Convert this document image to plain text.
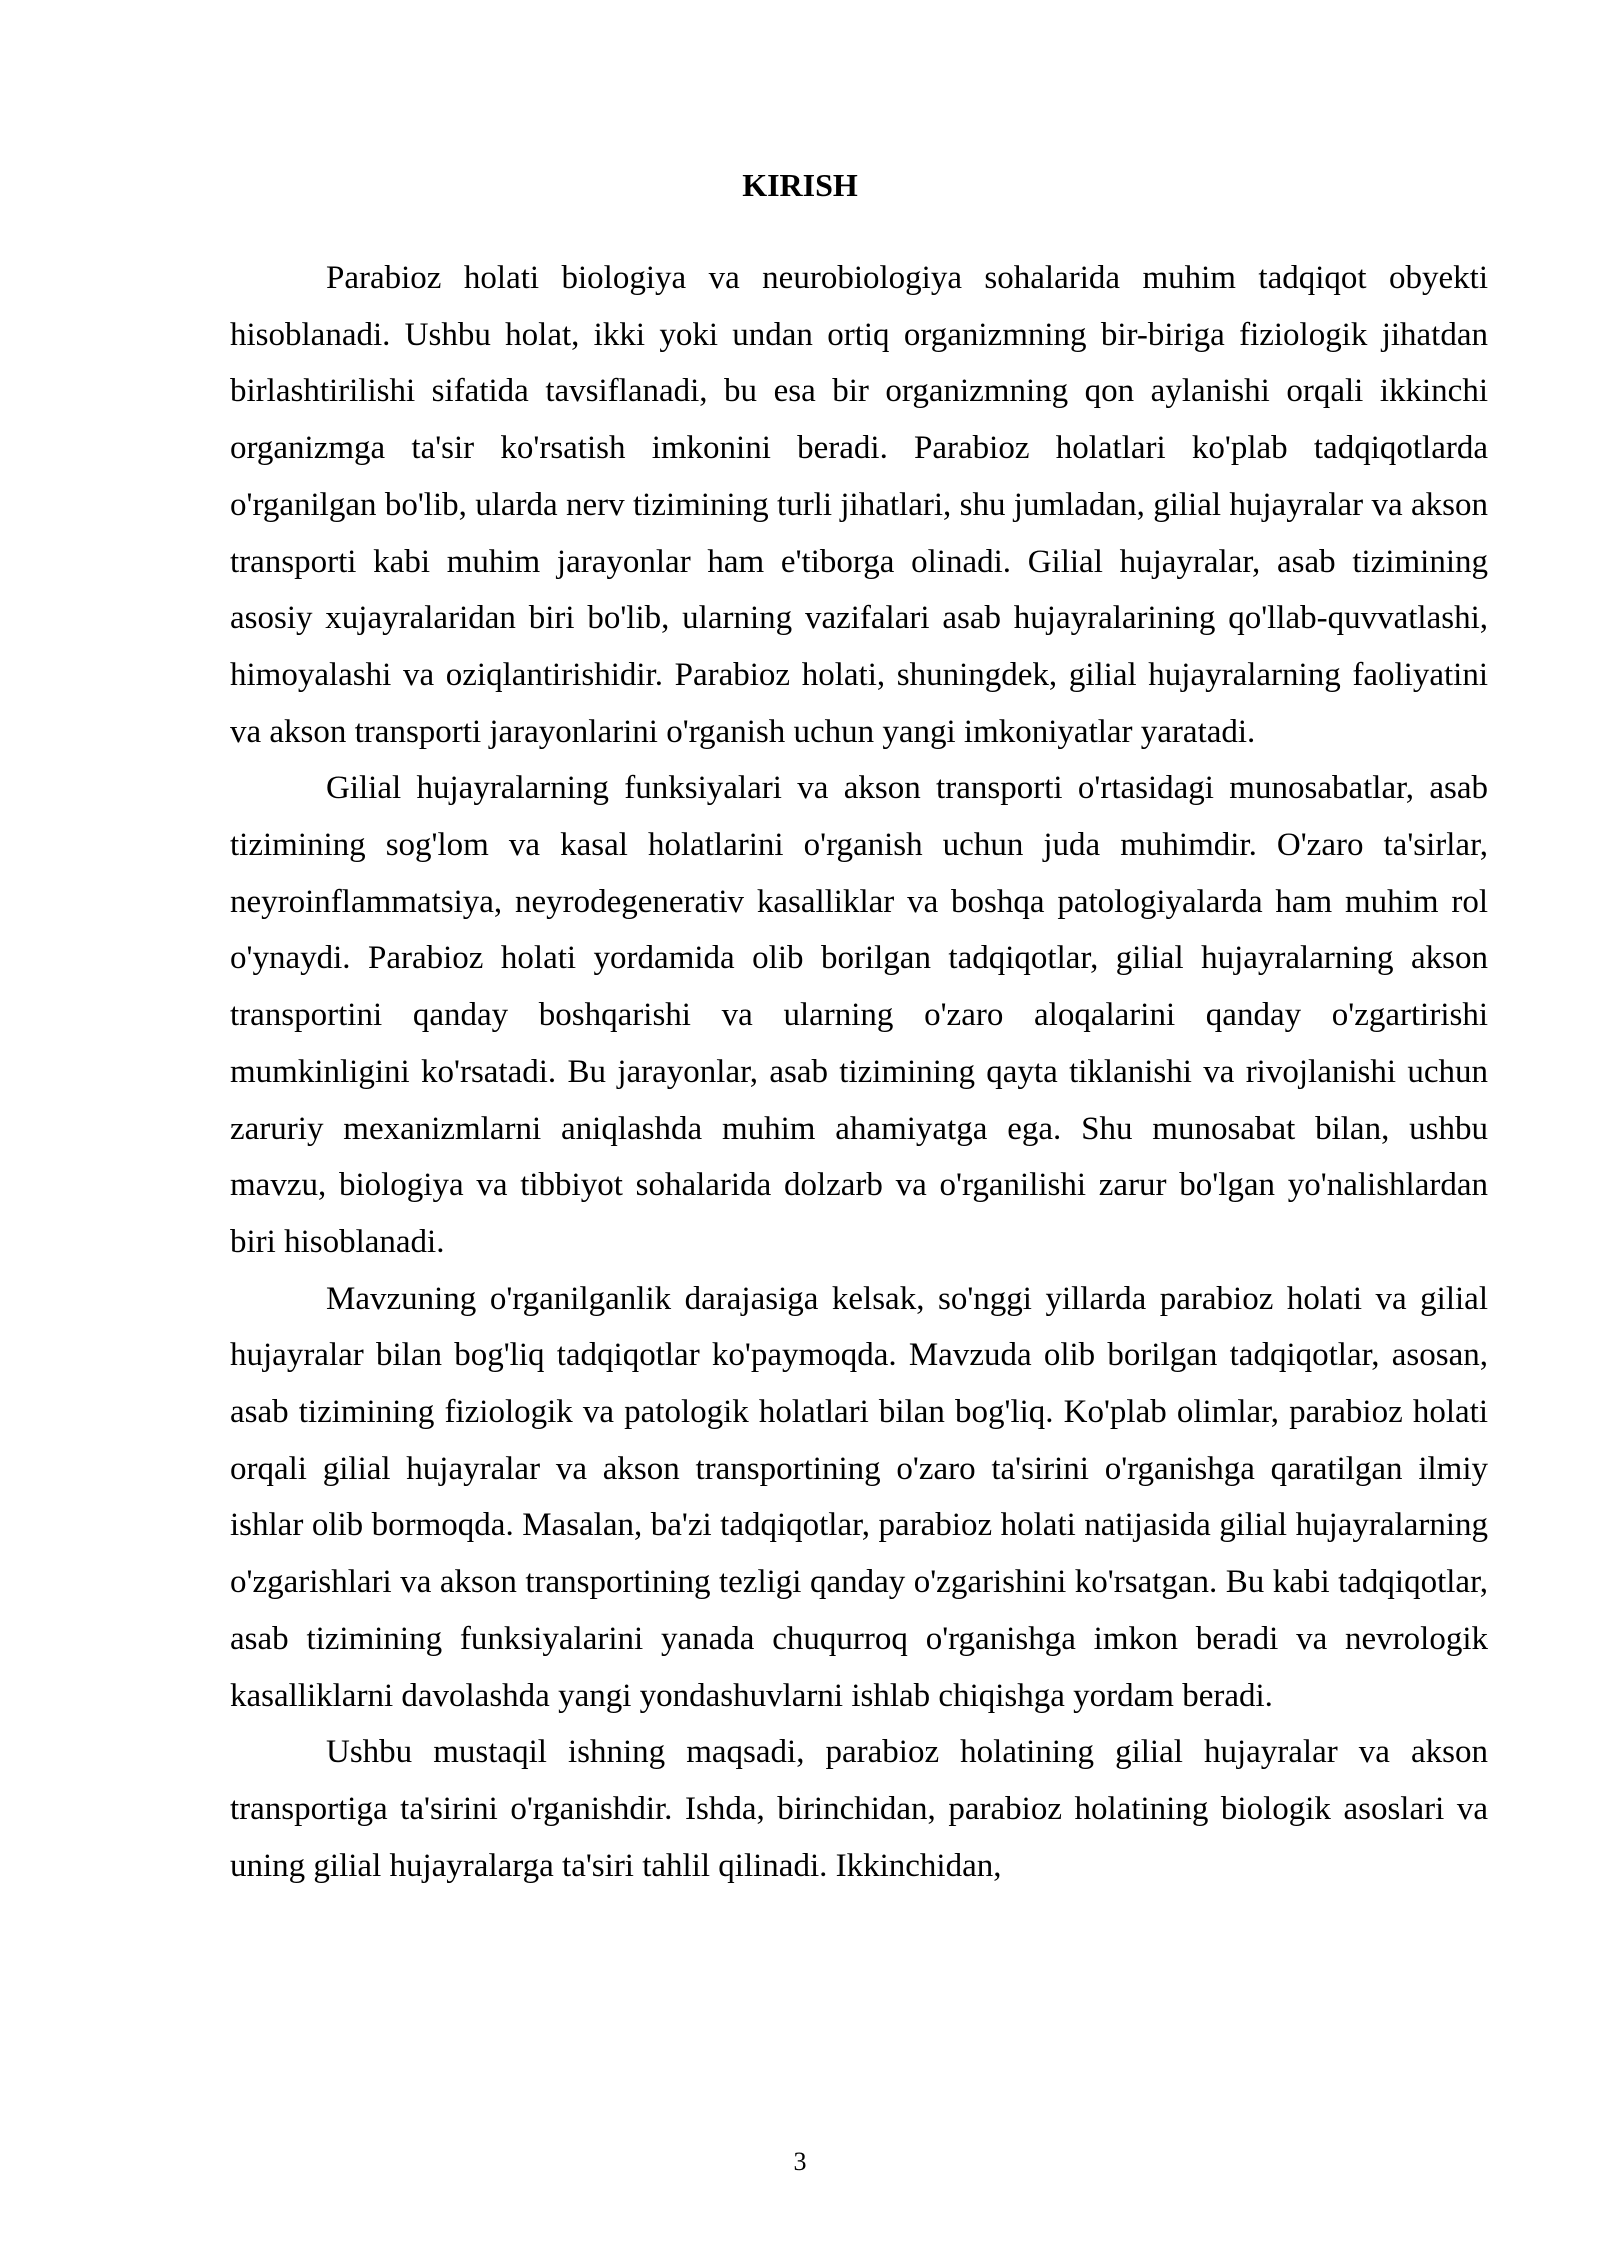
KIRISH

Parabioz holati biologiya va neurobiologiya sohalarida muhim tadqiqot obyekti hisoblanadi. Ushbu holat, ikki yoki undan ortiq organizmning bir-biriga fiziologik jihatdan birlashtirilishi sifatida tavsiflanadi, bu esa bir organizmning qon aylanishi orqali ikkinchi organizmga ta'sir ko'rsatish imkonini beradi. Parabioz holatlari ko'plab tadqiqotlarda o'rganilgan bo'lib, ularda nerv tizimining turli jihatlari, shu jumladan, gilial hujayralar va akson transporti kabi muhim jarayonlar ham e'tiborga olinadi. Gilial hujayralar, asab tizimining asosiy xujayralaridan biri bo'lib, ularning vazifalari asab hujayralarining qo'llab-quvvatlashi, himoyalashi va oziqlantirishidir. Parabioz holati, shuningdek, gilial hujayralarning faoliyatini va akson transporti jarayonlarini o'rganish uchun yangi imkoniyatlar yaratadi.

Gilial hujayralarning funksiyalari va akson transporti o'rtasidagi munosabatlar, asab tizimining sog'lom va kasal holatlarini o'rganish uchun juda muhimdir. O'zaro ta'sirlar, neyroinflammatsiya, neyrodegenerativ kasalliklar va boshqa patologiyalarda ham muhim rol o'ynaydi. Parabioz holati yordamida olib borilgan tadqiqotlar, gilial hujayralarning akson transportini qanday boshqarishi va ularning o'zaro aloqalarini qanday o'zgartirishi mumkinligini ko'rsatadi. Bu jarayonlar, asab tizimining qayta tiklanishi va rivojlanishi uchun zaruriy mexanizmlarni aniqlashda muhim ahamiyatga ega. Shu munosabat bilan, ushbu mavzu, biologiya va tibbiyot sohalarida dolzarb va o'rganilishi zarur bo'lgan yo'nalishlardan biri hisoblanadi.

Mavzuning o'rganilganlik darajasiga kelsak, so'nggi yillarda parabioz holati va gilial hujayralar bilan bog'liq tadqiqotlar ko'paymoqda. Mavzuda olib borilgan tadqiqotlar, asosan, asab tizimining fiziologik va patologik holatlari bilan bog'liq. Ko'plab olimlar, parabioz holati orqali gilial hujayralar va akson transportining o'zaro ta'sirini o'rganishga qaratilgan ilmiy ishlar olib bormoqda. Masalan, ba'zi tadqiqotlar, parabioz holati natijasida gilial hujayralarning o'zgarishlari va akson transportining tezligi qanday o'zgarishini ko'rsatgan. Bu kabi tadqiqotlar, asab tizimining funksiyalarini yanada chuqurroq o'rganishga imkon beradi va nevrologik kasalliklarni davolashda yangi yondashuvlarni ishlab chiqishga yordam beradi.

Ushbu mustaqil ishning maqsadi, parabioz holatining gilial hujayralar va akson transportiga ta'sirini o'rganishdir. Ishda, birinchidan, parabioz holatining biologik asoslari va uning gilial hujayralarga ta'siri tahlil qilinadi. Ikkinchidan,

3
